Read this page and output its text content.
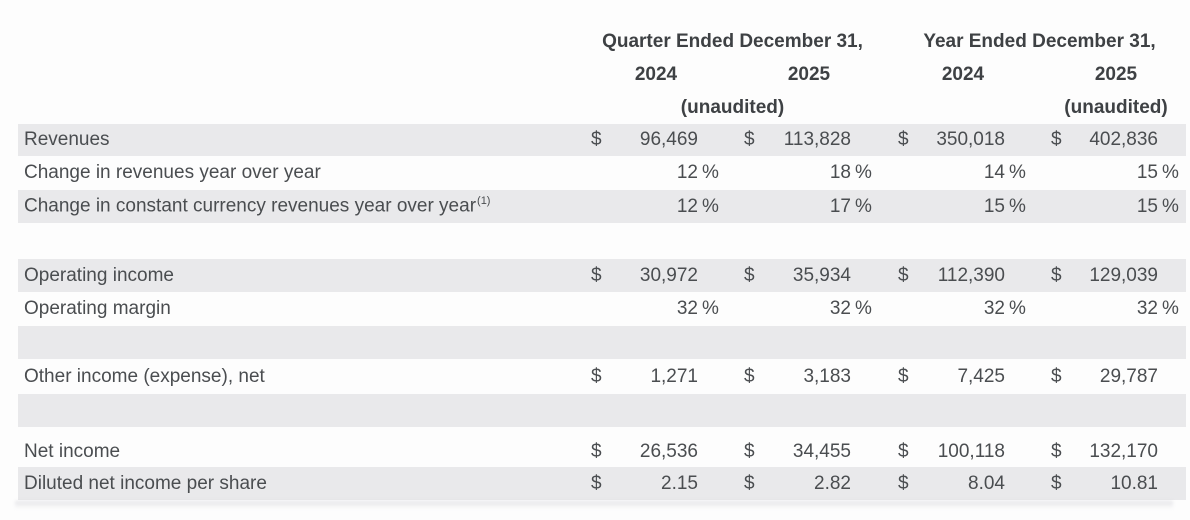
Quarter Ended December 31,	Year Ended December 31,
2024	2025	2024	2025
(unaudited)	(unaudited)
Revenues	$	96,469 $	113,828 $	350,018 $	402,836
Change in revenues year over year	12 %	18 %	14 %	15 %
Change in constant currency revenues year over year$^{(1)}$	12 %	17 %	15 %	15 %
Operating income	$	30,972 $	35,934 $	112,390 $	129,039
Operating margin	32 %	32 %	32 %	32 %
Other income (expense), net	$	1,271 $	3,183 $	7,425 $	29,787
Net income	$	26,536 $	34,455 $	100,118 $	132,170
Diluted net income per share	$	2.15 $	2.82 $	8.04 $	10.81
